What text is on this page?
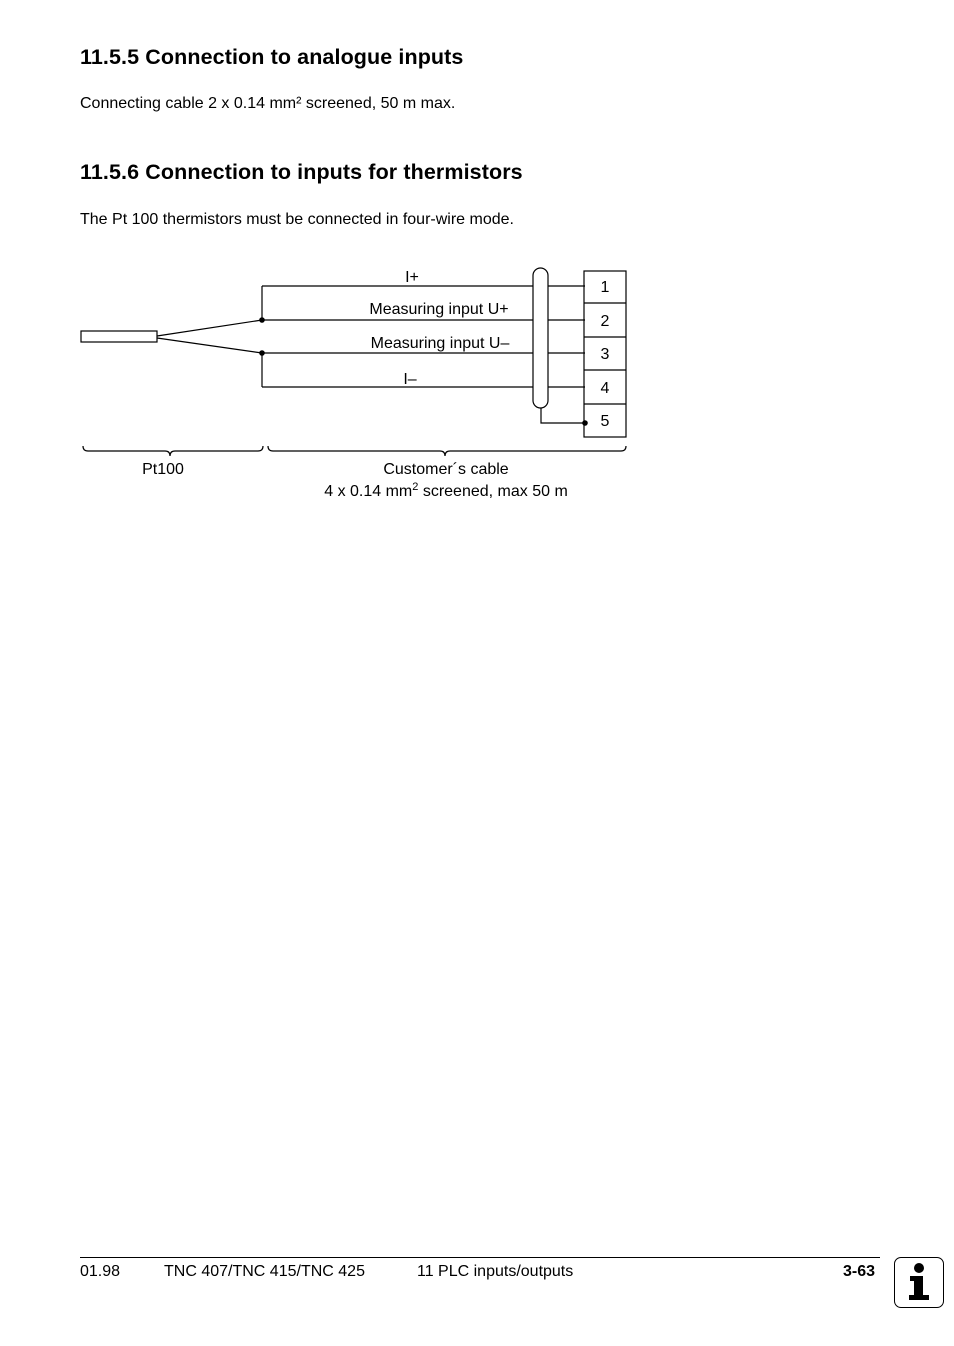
11.5.5 Connection to analogue inputs
Connecting cable 2 x 0.14 mm² screened, 50 m max.
11.5.6 Connection to inputs for thermistors
The Pt 100 thermistors must be connected in four-wire mode.
I+
Measuring input U+
Measuring input U–
I–
1
2
3
4
5
Pt100	Customer´s cable
4 x 0.14 $mm^2$ screened, max 50 m
01.98	TNC 407/TNC 415/TNC 425	11 PLC inputs/outputs	3-63
